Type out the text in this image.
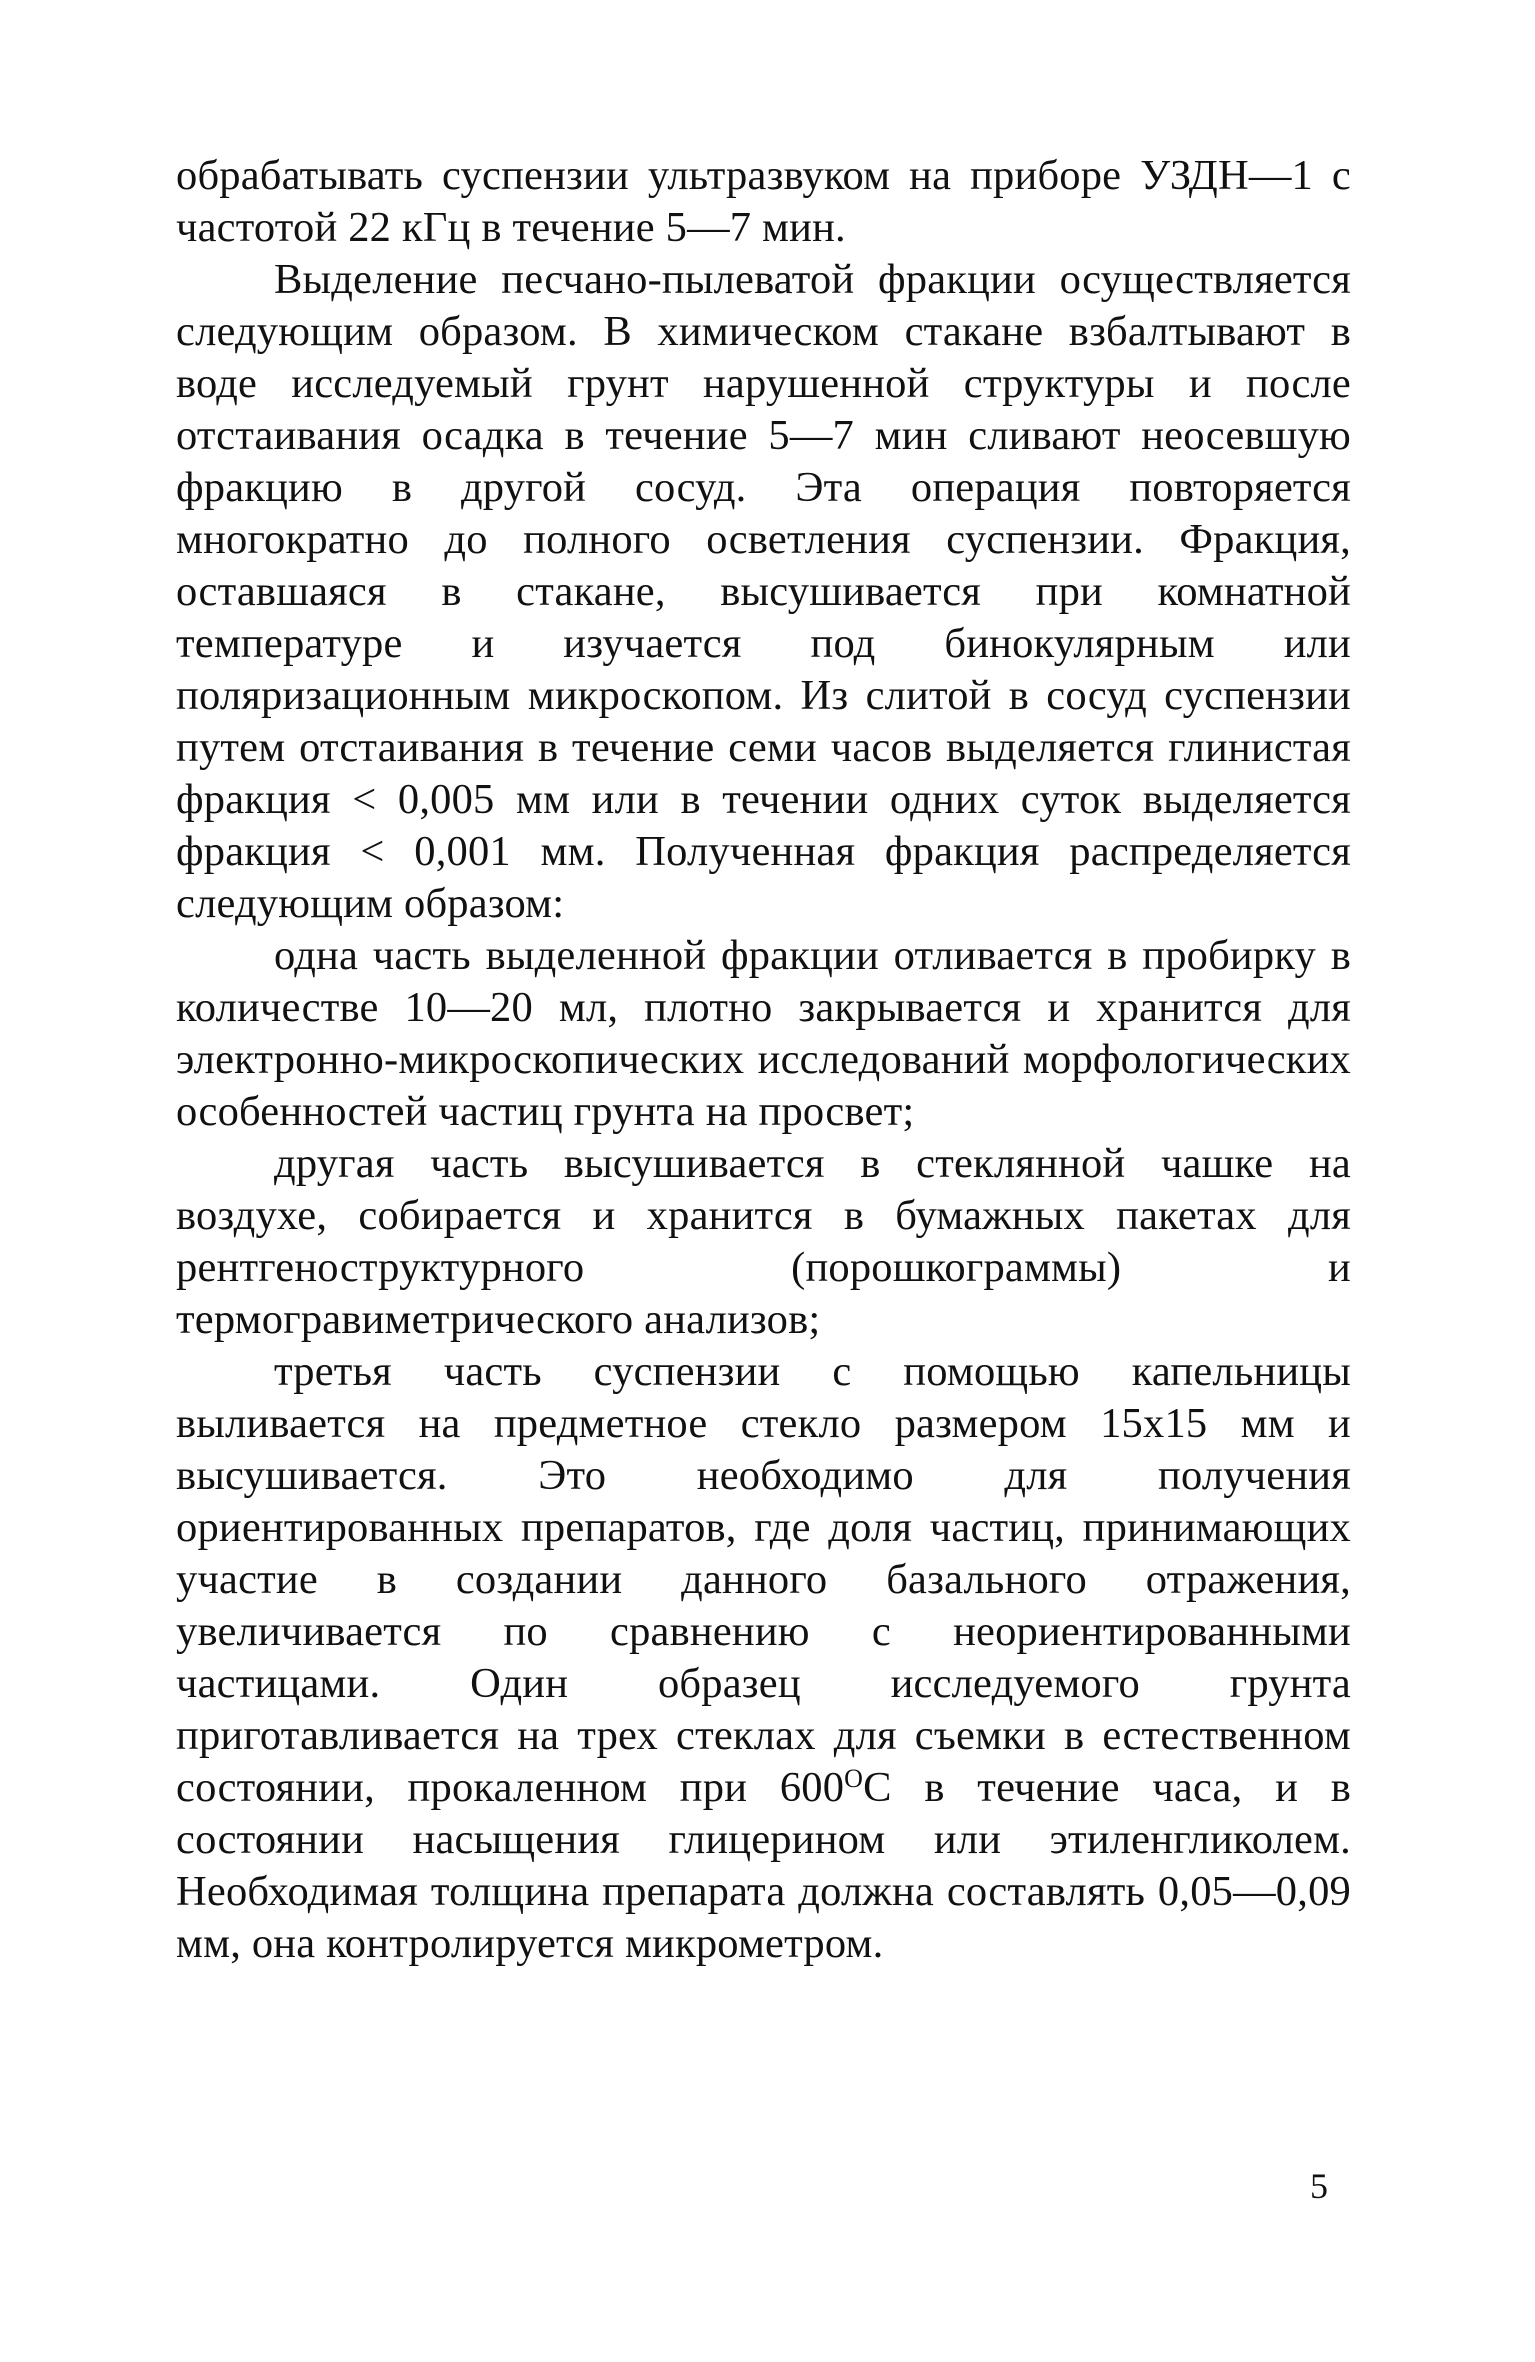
обрабатывать суспензии ультразвуком на приборе УЗДН—1 с частотой 22 кГц в течение 5—7 мин.

Выделение песчано-пылеватой фракции осуществляется следующим образом. В химическом стакане взбалтывают в воде исследуемый грунт нарушенной структуры и после отстаивания осадка в течение 5—7 мин сливают неосевшую фракцию в другой сосуд. Эта операция повторяется многократно до полного осветления суспензии. Фракция, оставшаяся в стакане, высушивается при комнатной температуре и изучается под бинокулярным или поляризационным микроскопом. Из слитой в сосуд суспензии путем отстаивания в течение семи часов выделяется глинистая фракция < 0,005 мм или в течении одних суток выделяется фракция < 0,001 мм. Полученная фракция распределяется следующим образом:

одна часть выделенной фракции отливается в пробирку в количестве 10—20 мл, плотно закрывается и хранится для электронно-микроскопических исследований морфологических особенностей частиц грунта на просвет;

другая часть высушивается в стеклянной чашке на воздухе, собирается и хранится в бумажных пакетах для рентгеноструктурного (порошкограммы) и термогравиметрического анализов;

третья часть суспензии с помощью капельницы выливается на предметное стекло размером 15х15 мм и высушивается. Это необходимо для получения ориентированных препаратов, где доля частиц, принимающих участие в создании данного базального отражения, увеличивается по сравнению с неориентированными частицами. Один образец исследуемого грунта приготавливается на трех стеклах для съемки в естественном состоянии, прокаленном при $600^ОС$ в течение часа, и в состоянии насыщения глицерином или этиленгликолем. Необходимая толщина препарата должна составлять 0,05—0,09 мм, она контролируется микрометром.

5
